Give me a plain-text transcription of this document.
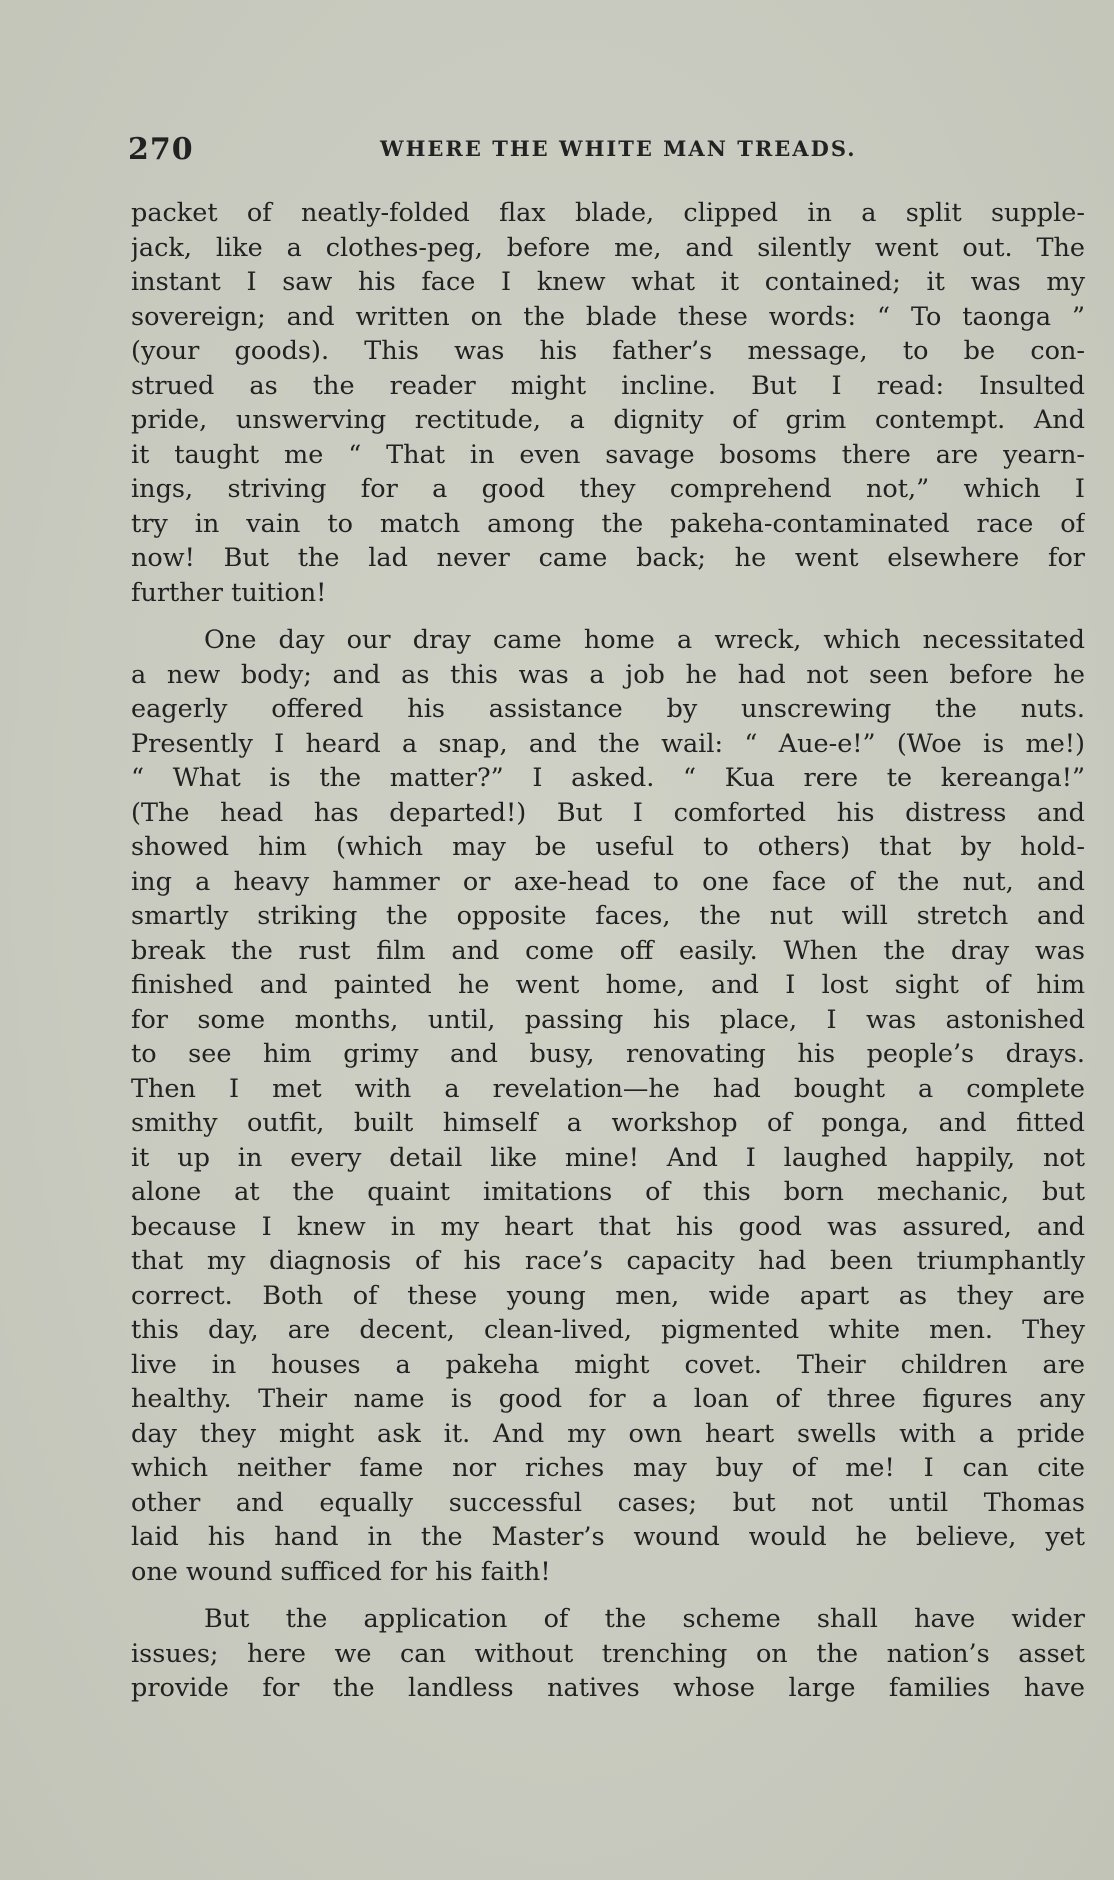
270	WHERE THE WHITE MAN TREADS.
packet of neatly-folded flax blade, clipped in a split supple-
jack, like a clothes-peg, before me, and silently went out. The
instant I saw his face I knew what it contained; it was my
sovereign; and written on the blade these words: “ To taonga ”
(your goods). This was his father’s message, to be con-
strued as the reader might incline. But I read: Insulted
pride, unswerving rectitude, a dignity of grim contempt. And
it taught me “ That in even savage bosoms there are yearn-
ings, striving for a good they comprehend not,” which I
try in vain to match among the pakeha-contaminated race of
now! But the lad never came back; he went elsewhere for
further tuition!
One day our dray came home a wreck, which necessitated
a new body; and as this was a job he had not seen before he
eagerly offered his assistance by unscrewing the nuts.
Presently I heard a snap, and the wail: “ Aue-e!” (Woe is me!)
“ What is the matter?” I asked. “ Kua rere te kereanga!”
(The head has departed!) But I comforted his distress and
showed him (which may be useful to others) that by hold-
ing a heavy hammer or axe-head to one face of the nut, and
smartly striking the opposite faces, the nut will stretch and
break the rust film and come off easily. When the dray was
finished and painted he went home, and I lost sight of him
for some months, until, passing his place, I was astonished
to see him grimy and busy, renovating his people’s drays.
Then I met with a revelation—he had bought a complete
smithy outfit, built himself a workshop of ponga, and fitted
it up in every detail like mine! And I laughed happily, not
alone at the quaint imitations of this born mechanic, but
because I knew in my heart that his good was assured, and
that my diagnosis of his race’s capacity had been triumphantly
correct. Both of these young men, wide apart as they are
this day, are decent, clean-lived, pigmented white men. They
live in houses a pakeha might covet. Their children are
healthy. Their name is good for a loan of three figures any
day they might ask it. And my own heart swells with a pride
which neither fame nor riches may buy of me! I can cite
other and equally successful cases; but not until Thomas
laid his hand in the Master’s wound would he believe, yet
one wound sufficed for his faith!
But the application of the scheme shall have wider
issues; here we can without trenching on the nation’s asset
provide for the landless natives whose large families have
